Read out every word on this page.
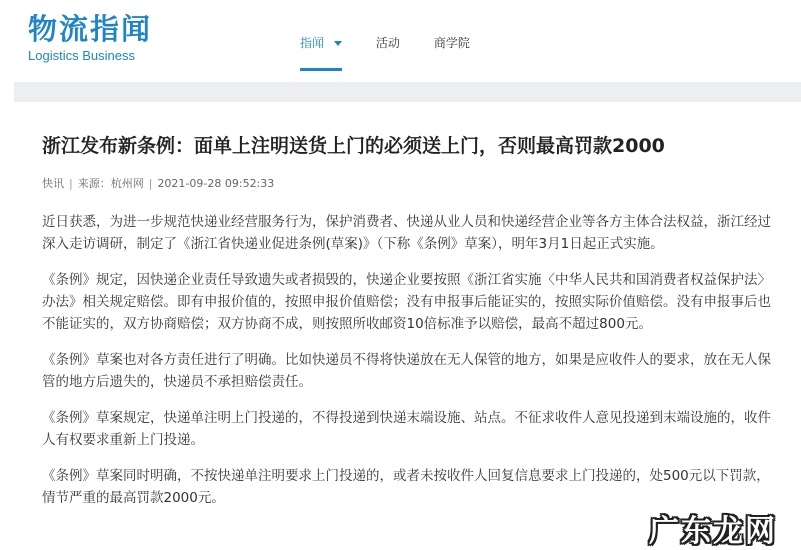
物流指闻
Logistics Business
指闻	活动	商学院
浙江发布新条例：面单上注明送货上门的必须送上门，否则最高罚款2000
快讯 | 来源：杭州网 | 2021-09-28 09:52:33

近日获悉，为进一步规范快递业经营服务行为，保护消费者、快递从业人员和快递经营企业等各方主体合法权益，浙江经过深入走访调研，制定了《浙江省快递业促进条例(草案)》（下称《条例》草案），明年3月1日起正式实施。

《条例》规定，因快递企业责任导致遗失或者损毁的，快递企业要按照《浙江省实施〈中华人民共和国消费者权益保护法〉办法》相关规定赔偿。即有申报价值的，按照申报价值赔偿；没有申报事后能证实的，按照实际价值赔偿。没有申报事后也不能证实的，双方协商赔偿；双方协商不成，则按照所收邮资10倍标准予以赔偿，最高不超过800元。

《条例》草案也对各方责任进行了明确。比如快递员不得将快递放在无人保管的地方，如果是应收件人的要求，放在无人保管的地方后遗失的，快递员不承担赔偿责任。

《条例》草案规定，快递单注明上门投递的，不得投递到快递末端设施、站点。不征求收件人意见投递到末端设施的，收件人有权要求重新上门投递。

《条例》草案同时明确，不按快递单注明要求上门投递的，或者未按收件人回复信息要求上门投递的，处500元以下罚款，情节严重的最高罚款2000元。

广东龙网
